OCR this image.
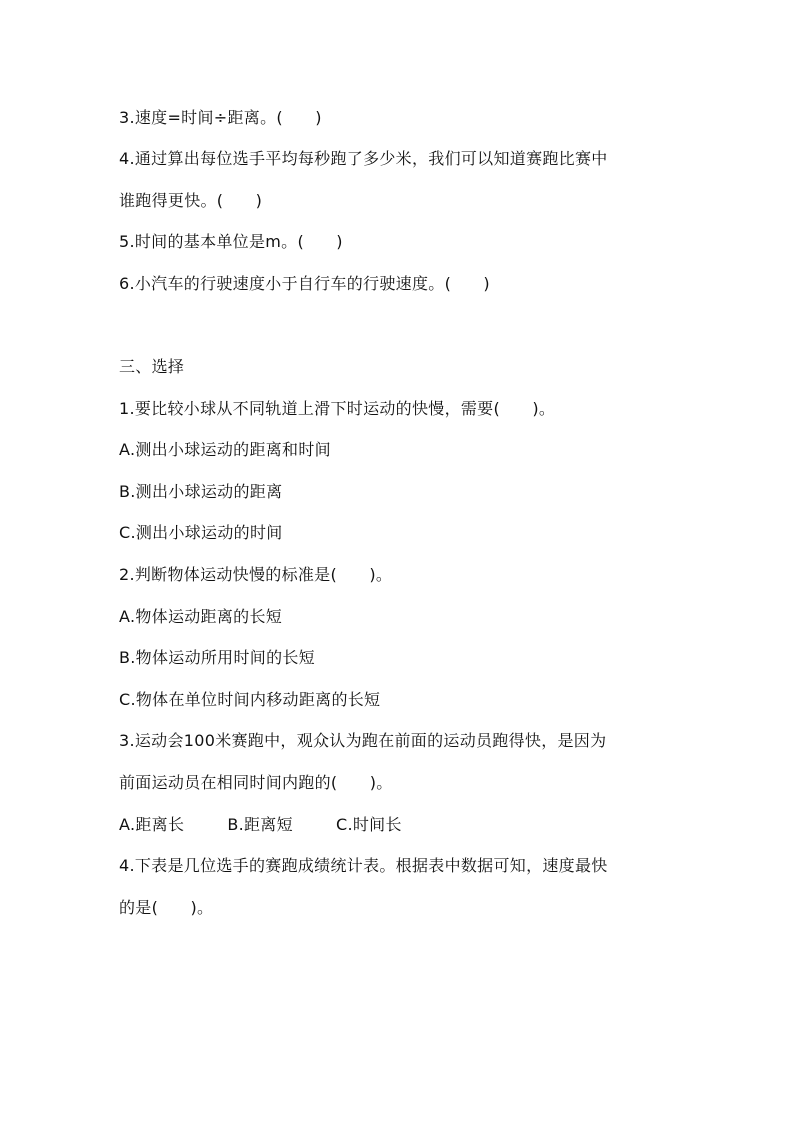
3.速度=时间÷距离。(      )
4.通过算出每位选手平均每秒跑了多少米，我们可以知道赛跑比赛中
谁跑得更快。(      )
5.时间的基本单位是m。(      )
6.小汽车的行驶速度小于自行车的行驶速度。(      )
三、选择
1.要比较小球从不同轨道上滑下时运动的快慢，需要(      )。
A.测出小球运动的距离和时间
B.测出小球运动的距离
C.测出小球运动的时间
2.判断物体运动快慢的标准是(      )。
A.物体运动距离的长短
B.物体运动所用时间的长短
C.物体在单位时间内移动距离的长短
3.运动会100米赛跑中，观众认为跑在前面的运动员跑得快，是因为
前面运动员在相同时间内跑的(      )。
A.距离长        B.距离短        C.时间长
4.下表是几位选手的赛跑成绩统计表。根据表中数据可知，速度最快
的是(      )。
